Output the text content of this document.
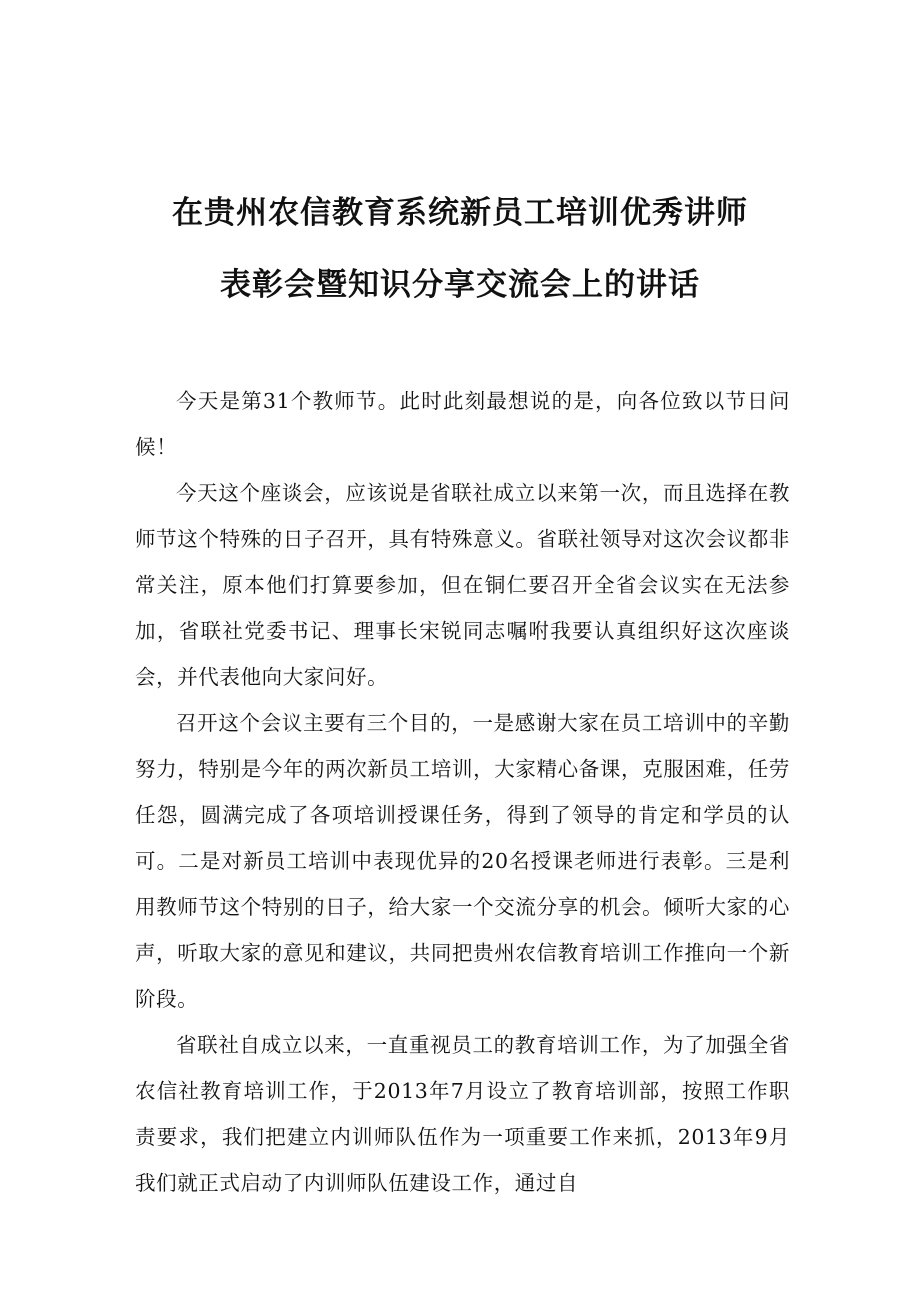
在贵州农信教育系统新员工培训优秀讲师
表彰会暨知识分享交流会上的讲话

今天是第31个教师节。此时此刻最想说的是，向各位致以节日问候！

今天这个座谈会，应该说是省联社成立以来第一次，而且选择在教师节这个特殊的日子召开，具有特殊意义。省联社领导对这次会议都非常关注，原本他们打算要参加，但在铜仁要召开全省会议实在无法参加，省联社党委书记、理事长宋锐同志嘱咐我要认真组织好这次座谈会，并代表他向大家问好。

召开这个会议主要有三个目的，一是感谢大家在员工培训中的辛勤努力，特别是今年的两次新员工培训，大家精心备课，克服困难，任劳任怨，圆满完成了各项培训授课任务，得到了领导的肯定和学员的认可。二是对新员工培训中表现优异的20名授课老师进行表彰。三是利用教师节这个特别的日子，给大家一个交流分享的机会。倾听大家的心声，听取大家的意见和建议，共同把贵州农信教育培训工作推向一个新阶段。

省联社自成立以来，一直重视员工的教育培训工作，为了加强全省农信社教育培训工作，于2013年7月设立了教育培训部，按照工作职责要求，我们把建立内训师队伍作为一项重要工作来抓，2013年9月我们就正式启动了内训师队伍建设工作，通过自
